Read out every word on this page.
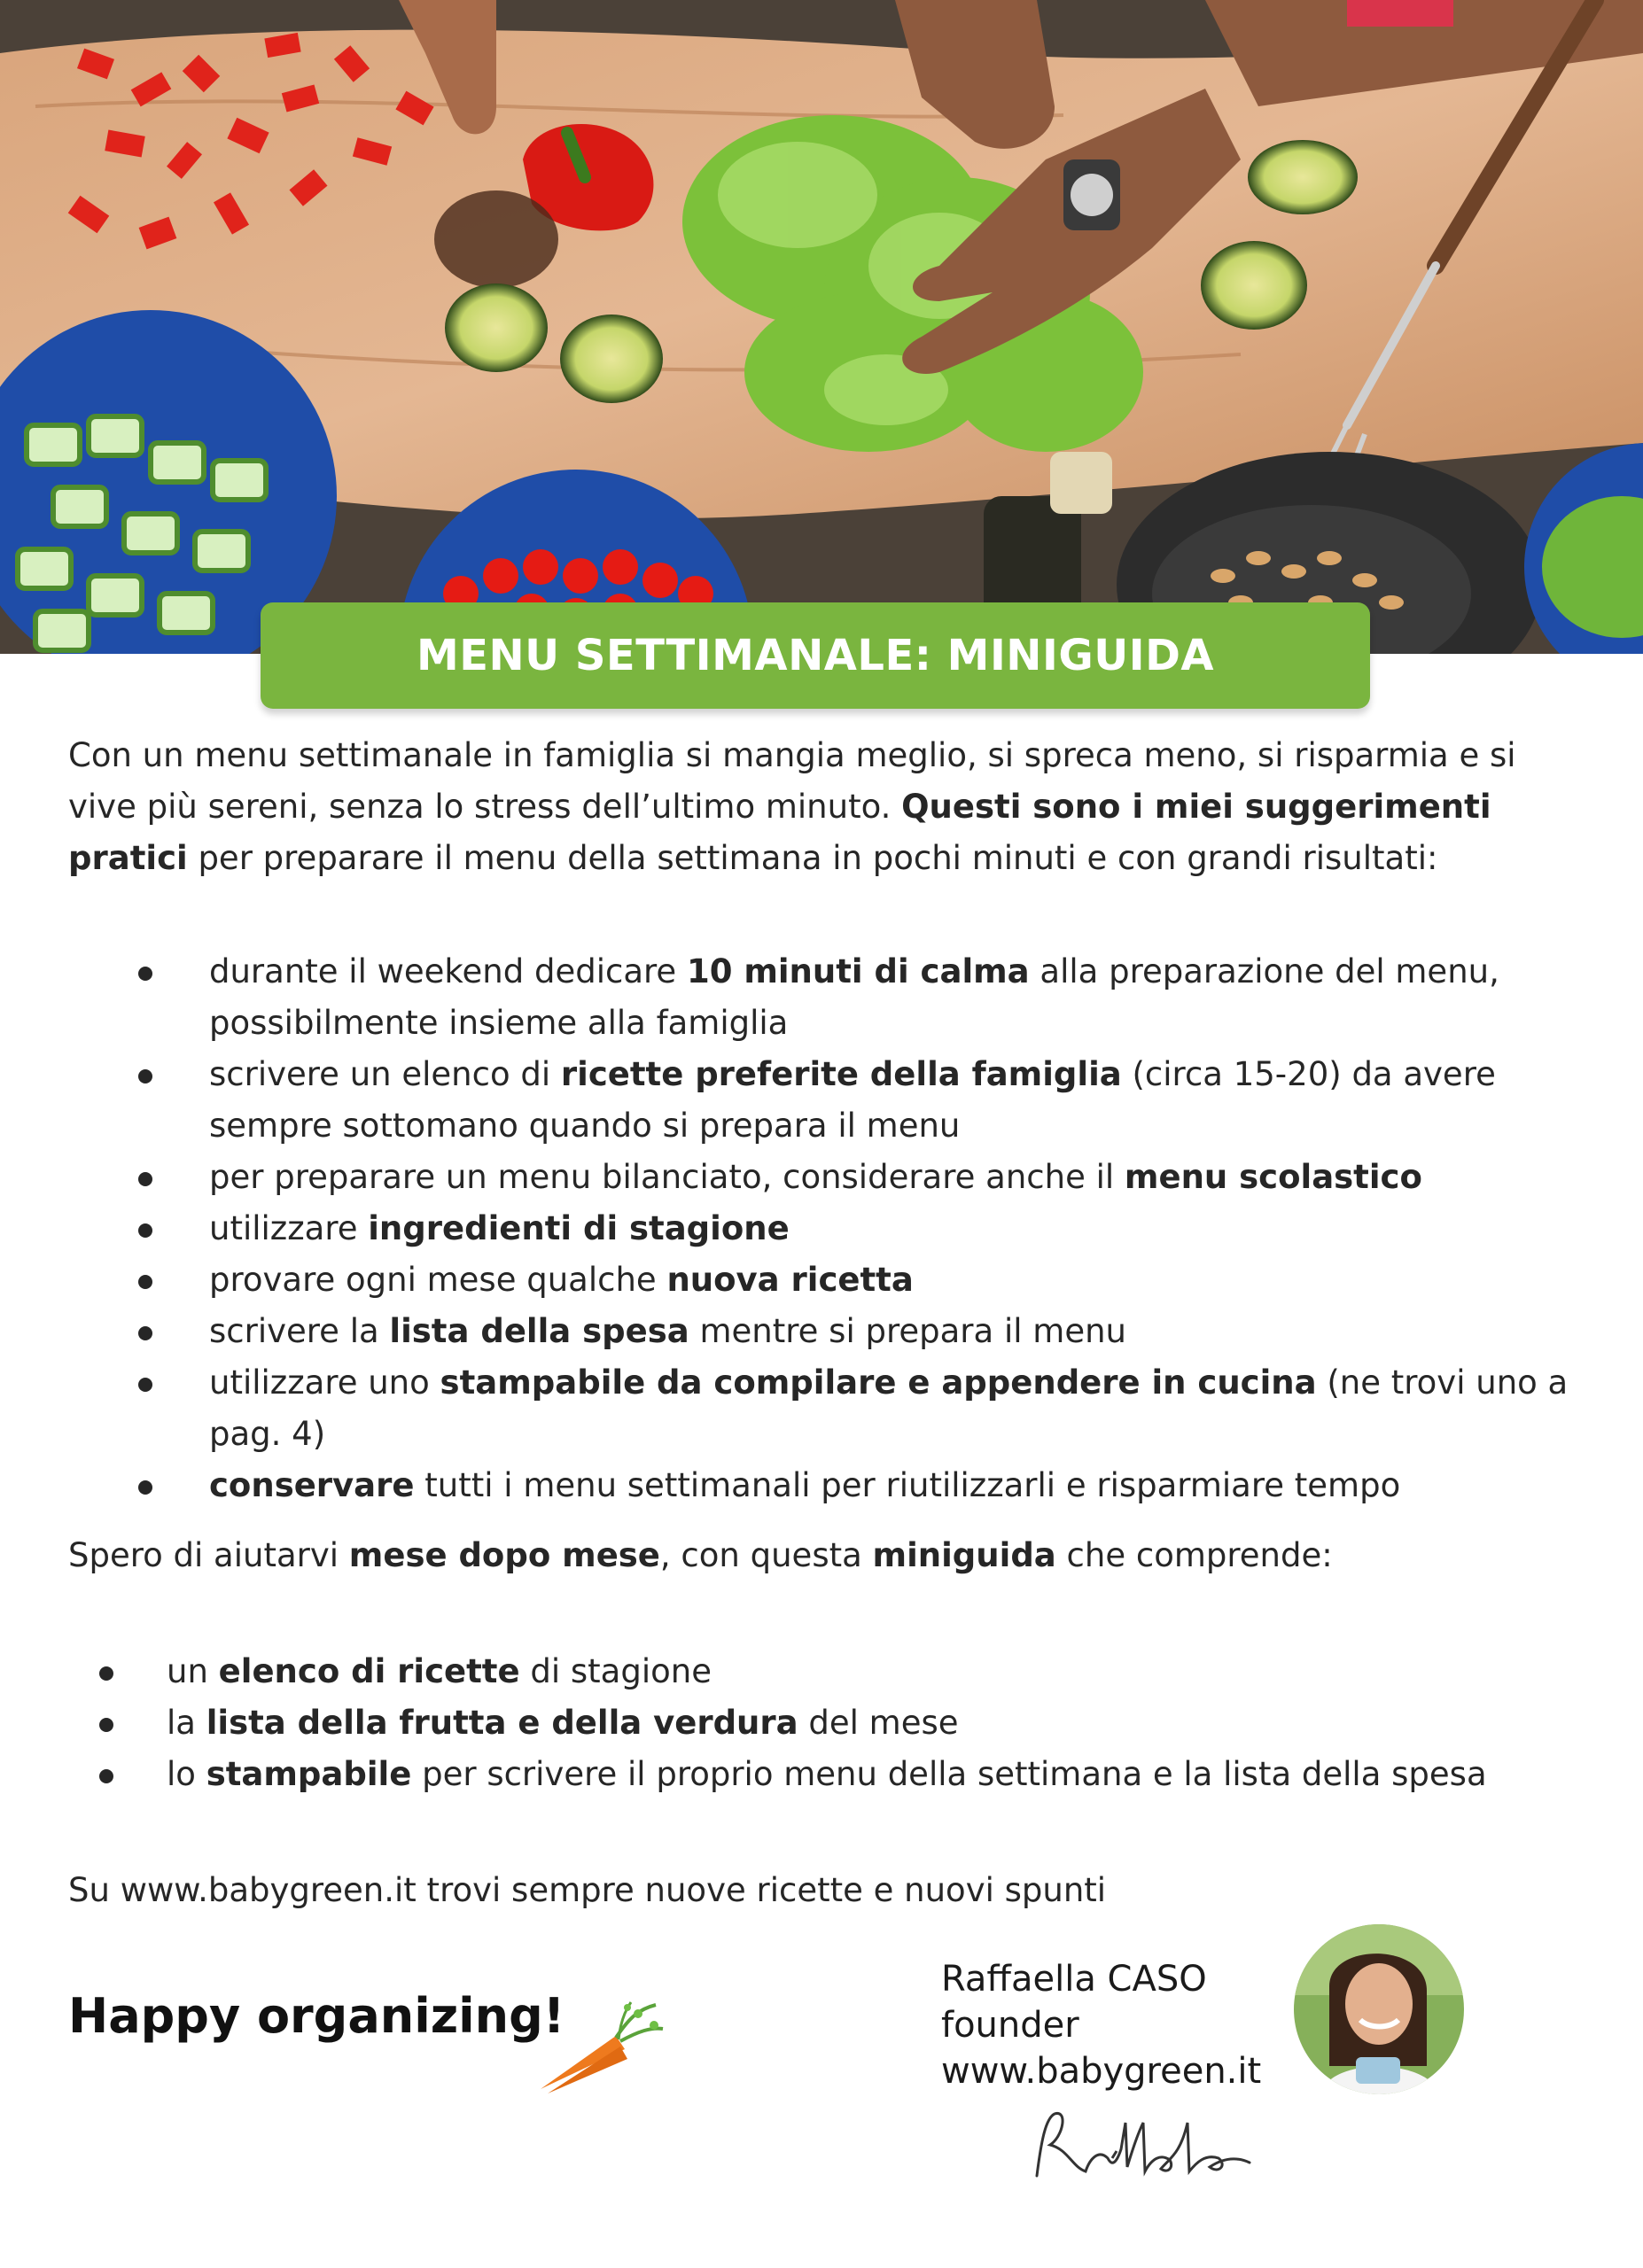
MENU SETTIMANALE: MINIGUIDA

Con un menu settimanale in famiglia si mangia meglio, si spreca meno, si risparmia e si vive più sereni, senza lo stress dell’ultimo minuto. Questi sono i miei suggerimenti pratici per preparare il menu della settimana in pochi minuti e con grandi risultati:

durante il weekend dedicare 10 minuti di calma alla preparazione del menu, possibilmente insieme alla famiglia
scrivere un elenco di ricette preferite della famiglia (circa 15-20) da avere sempre sottomano quando si prepara il menu
per preparare un menu bilanciato, considerare anche il menu scolastico
utilizzare ingredienti di stagione
provare ogni mese qualche nuova ricetta
scrivere la lista della spesa mentre si prepara il menu
utilizzare uno stampabile da compilare e appendere in cucina (ne trovi uno a pag. 4)
conservare tutti i menu settimanali per riutilizzarli e risparmiare tempo

Spero di aiutarvi mese dopo mese, con questa miniguida che comprende:

un elenco di ricette di stagione
la lista della frutta e della verdura del mese
lo stampabile per scrivere il proprio menu della settimana e la lista della spesa

Su www.babygreen.it trovi sempre nuove ricette e nuovi spunti

Happy organizing!
Raffaella CASO
founder
www.babygreen.it
